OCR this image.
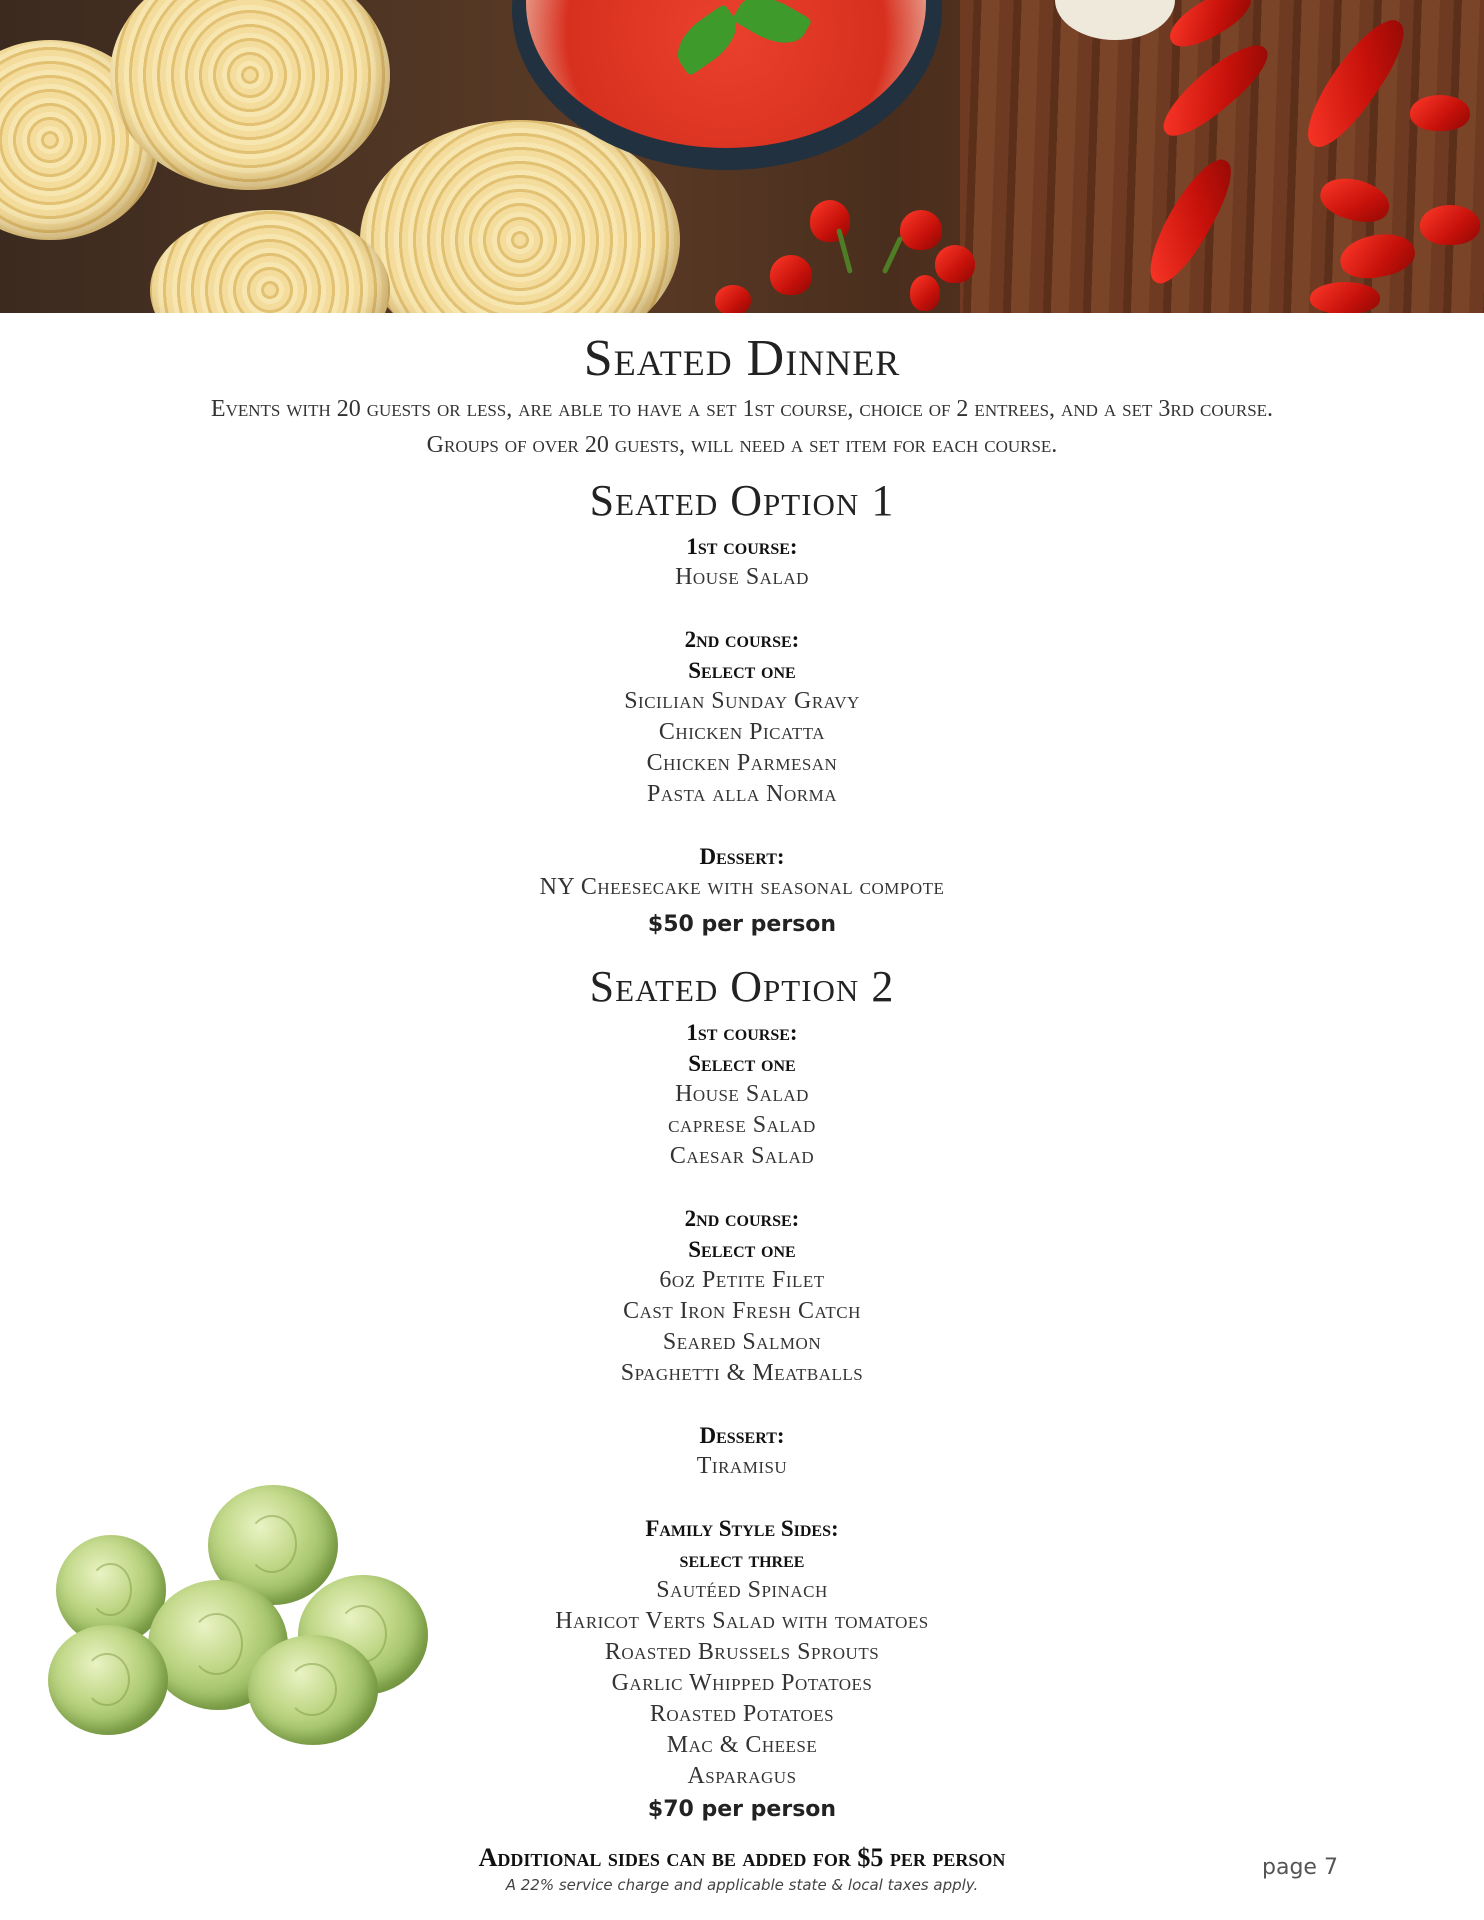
Seated Dinner
Events with 20 guests or less, are able to have a set 1st course, choice of 2 entrees, and a set 3rd course.
Groups of over 20 guests, will need a set item for each course.
Seated Option 1
1st course:
House Salad
2nd course:
Select one
Sicilian Sunday Gravy
Chicken Picatta
Chicken Parmesan
Pasta alla Norma
Dessert:
NY Cheesecake with seasonal compote
$50 per person
Seated Option 2
1st course:
Select one
House Salad
caprese Salad
Caesar Salad
2nd course:
Select one
6oz Petite Filet
Cast Iron Fresh Catch
Seared Salmon
Spaghetti & Meatballs
Dessert:
Tiramisu
Family Style Sides:
select three
Sautéed Spinach
Haricot Verts Salad with tomatoes
Roasted Brussels Sprouts
Garlic Whipped Potatoes
Roasted Potatoes
Mac & Cheese
Asparagus
$70 per person
Additional sides can be added for $5 per person
A 22% service charge and applicable state & local taxes apply.
page 7
